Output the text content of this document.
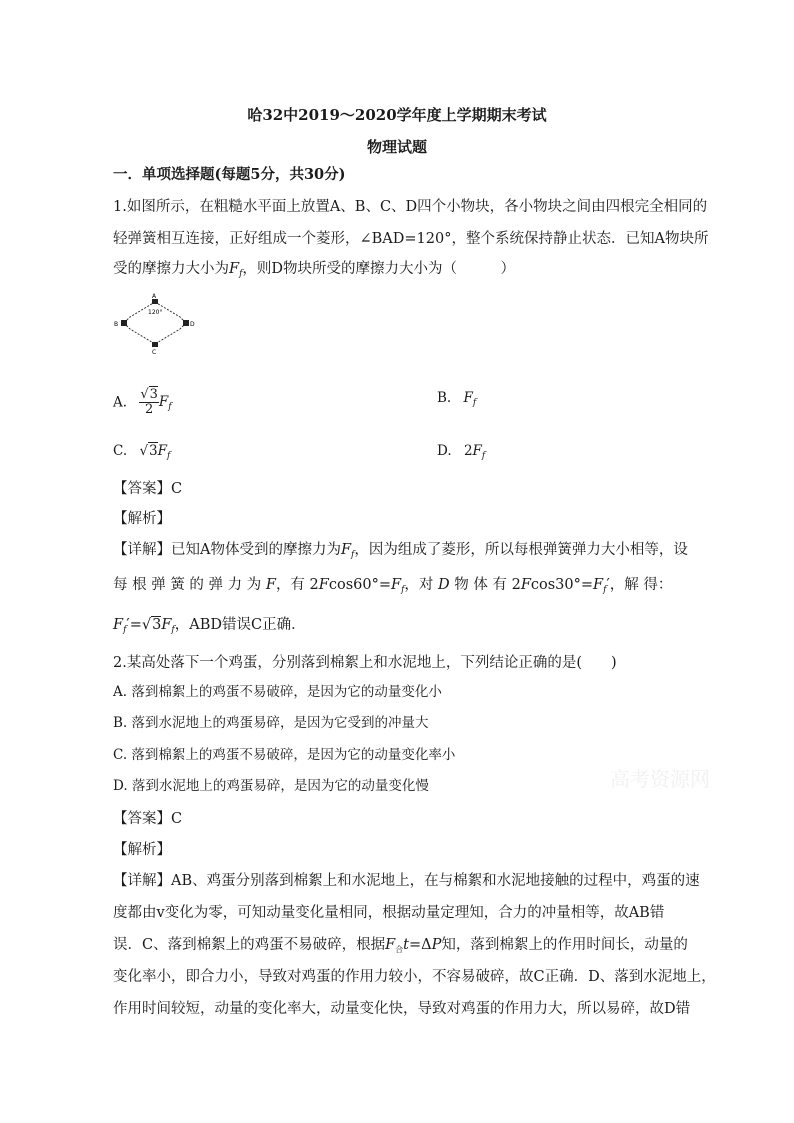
哈32中2019～2020学年度上学期期末考试
物理试题
一．单项选择题(每题5分，共30分)
1.如图所示，在粗糙水平面上放置A、B、C、D四个小物块，各小物块之间由四根完全相同的
轻弹簧相互连接，正好组成一个菱形，∠BAD=120°，整个系统保持静止状态．已知A物块所
受的摩擦力大小为$F_f$，则D物块所受的摩擦力大小为（　　　）
A
B
C
D
120°
A. $\frac{√3}{2} F_f$
B. $F_f$
C. $√3F_f$	D. $2F_f$
【答案】C
【解析】
【详解】已知A物体受到的摩擦力为$F_f$，因为组成了菱形，所以每根弹簧弹力大小相等，设
每 根 弹 簧 的 弹 力 为 F，有 $2Fcos60^\circ=F_f$，对 D 物 体 有 $2Fcos30^\circ=F_f'$，解 得：
$F_f'=√3F_f$，ABD错误C正确．
2.某高处落下一个鸡蛋，分别落到棉絮上和水泥地上，下列结论正确的是(　　)
A. 落到棉絮上的鸡蛋不易破碎，是因为它的动量变化小
B. 落到水泥地上的鸡蛋易碎，是因为它受到的冲量大
C. 落到棉絮上的鸡蛋不易破碎，是因为它的动量变化率小
D. 落到水泥地上的鸡蛋易碎，是因为它的动量变化慢	高考资源网
【答案】C
【解析】
【详解】AB、鸡蛋分别落到棉絮上和水泥地上，在与棉絮和水泥地接触的过程中，鸡蛋的速
度都由v变化为零，可知动量变化量相同，根据动量定理知，合力的冲量相等，故AB错
误．C、落到棉絮上的鸡蛋不易破碎，根据$F_合t=\Delta P$知，落到棉絮上的作用时间长，动量的
变化率小，即合力小，导致对鸡蛋的作用力较小，不容易破碎，故C正确．D、落到水泥地上，
作用时间较短，动量的变化率大，动量变化快，导致对鸡蛋的作用力大，所以易碎，故D错
